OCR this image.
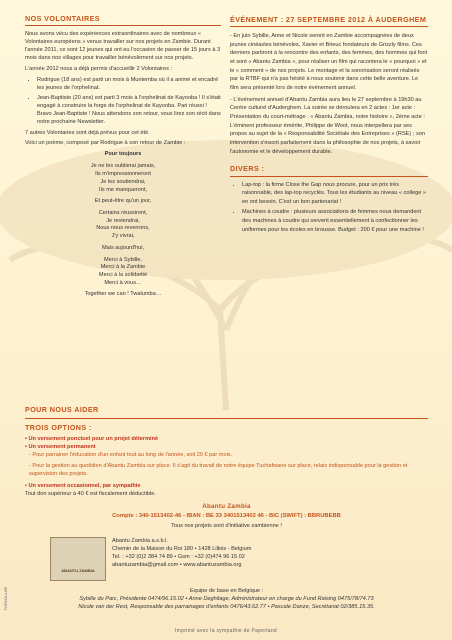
NOS VOLONTAIRES

Nous avons vécu des expériences extraordinaires avec de nombreux « Volontaires européens » venus travailler sur nos projets en Zambie. Durant l'année 2011, ce sont 12 jeunes qui ont eu l'occasion de passer de 15 jours à 3 mois dans nos villages pour travailler bénévolement sur nos projets.

L'année 2012 nous a déjà permis d'accueillir 2 Volontaires :

• Rodrigue (18 ans) est parti un mois à Muntemba où il a animé et encadré les jeunes de l'orphelinat.
• Jean-Baptiste (20 ans) est parti 3 mois à l'orphelinat de Kayooba ! Il s'était engagé à construire la forge de l'orphelinat de Kayooba. Pari réussi ! Bravo Jean-Baptiste ! Nous attendons son retour, vous lirez son récit dans notre prochaine Newsletter.

7 autres Volontaires sont déjà prévus pour cet été.

Voici un poème, composé par Rodrigue à son retour de Zambie :

Pour toujours
Je ne les oublierai jamais,
Ils m'impressionneront
Je les soutiendrai,
Ils me manqueront,
Et peut-être qu'un jour,
Certains réussiront,
Je reviendrai,
Nous nous reverrons,
J'y vivrai,
Mais aujourd'hui,
Merci à Sybille,
Merci à la Zambie
Merci à la solidarité
Merci à vous…
Together we can ! Twalumba…
ÉVÉNEMENT : 27 SEPTEMBRE 2012 À AUDERGHEM

- En juin Sybille, Anne et Nicole seront en Zambie accompagnées de deux jeunes cinéastes bénévoles, Xavier et Brieuc fondateurs de Grizzly films. Ces derniers partiront à la rencontre des enfants, des femmes, des hommes qui font et sont « Abantu Zambia », pour réaliser un film qui racontera le « pourquoi » et le « comment » de nos projets. Le montage et la sonorisation seront réalisés par la RTBF qui n'a pas hésité à nous soutenir dans cette belle aventure. Le film sera présenté lors de notre événement annuel.

- L'événement annuel d'Abantu Zambia aura lieu le 27 septembre à 19h30 au Centre culturel d'Auderghem. La soirée se déroulera en 2 actes : 1er acte : Présentation du court-métrage : « Abantu Zambia, notre histoire », 2ème acte : L'éminent professeur émérite, Philippe de Woot, nous interpellera par ses propos au sujet de la « Responsabilité Sociétale des Entreprises » (RSE) ; son intervention s'inscrit parfaitement dans la philosophie de nos projets, à savoir l'autonomie et le développement durable.

DIVERS :
• Lap-top : la firme Close the Gap nous procure, pour un prix très raisonnable, des lap-top recyclés. Tous les étudiants au niveau « college » en ont besoin. C'est un bon partenariat !
• Machines à coudre : plusieurs associations de femmes nous demandent des machines à coudre qui servent essentiellement à confectionner les uniformes pour les écoles en brousse. Budget : 200 € pour une machine !
POUR NOUS AIDER
TROIS OPTIONS :
• Un versement ponctuel pour un projet déterminé
• Un versement permanent
- Pour parrainer l'éducation d'un enfant tout au long de l'année, soit 20 € par mois.
- Pour la gestion au quotidien d'Abantu Zambia sur place. Il s'agit du travail de notre équipe Tuchafwane sur place, relais indispensable pour la gestion et supervision des projets.
• Un versement occasionnel, par sympathie
Tout don supérieur à 40 € est fiscalement déductible.
Abantu Zambia
Compte : 340-1513402-46 - IBAN : BE 33 3401513402 46 - BIC (SWIFT) : BBRUBEBB
Tous nos projets sont d'initiative zambienne !
ABANTU ZAMBIA
Abantu Zambia a.s.b.l.
Chemin de la Maison du Roi 180 • 1428 Lillois - Belgium
Tel. : +32 (0)2 384 74 89 • Gsm : +32 (0)474 96 15 02
abantuzambia@gmail.com • www.abantuzambia.org
Equipe de base en Belgique :
Sybille du Parc, Présidente 0474/96.15.02 • Anne Deghilage, Administrateur en charge du Fund Raising 0475/78/74.73
Nicole van der Rest, Responsable des parrainages d'enfants 0476/43.62.77 • Pascale Danze, Secrétariat 02/385.15.35.
Imprimé avec la sympathie de Paperland
FORMULAIRE
